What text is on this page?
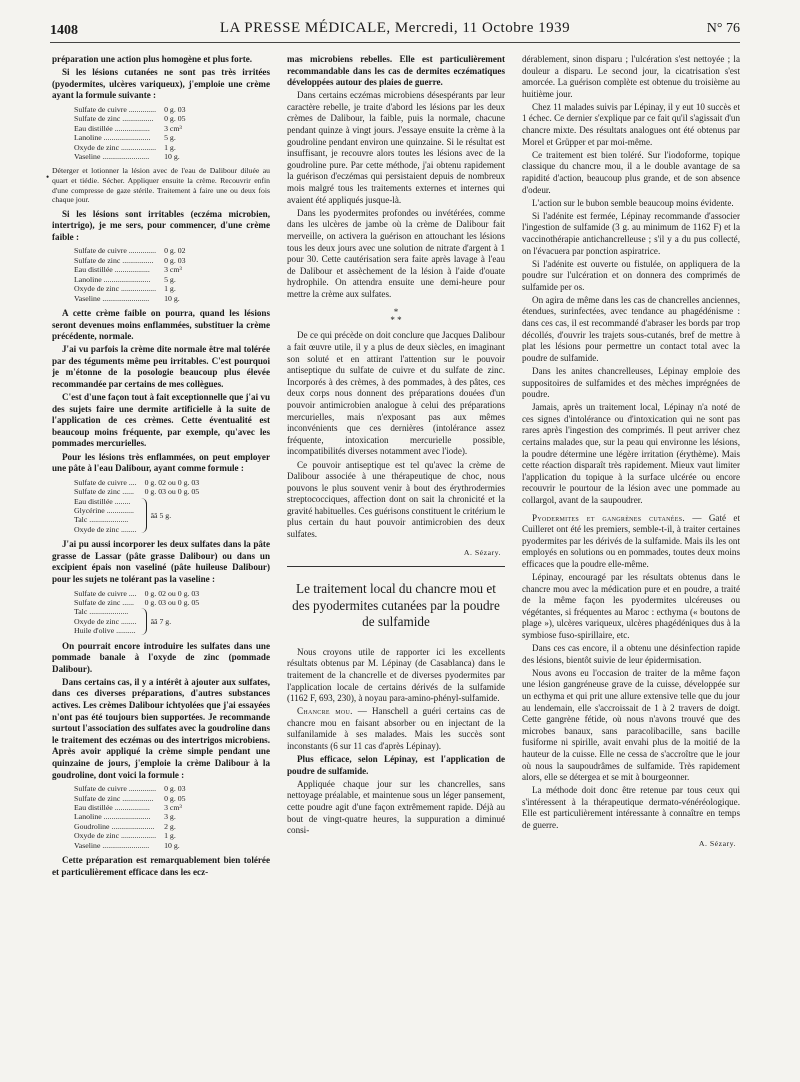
1408	LA PRESSE MÉDICALE, Mercredi, 11 Octobre 1939	N° 76
•

préparation une action plus homogène et plus forte.

Si les lésions cutanées ne sont pas très irritées (pyodermites, ulcères variqueux), j'emploie une crème ayant la formule suivante :

Sulfate de cuivre ..............	0 g. 03
Sulfate de zinc ................	0 g. 05
Eau distillée ..................	3 cm³
Lanoline ........................	5 g.
Oxyde de zinc ..................	1 g.
Vaseline ........................	10 g.

Déterger et lotionner la lésion avec de l'eau de Dalibour diluée au quart et tiédie. Sécher. Appliquer ensuite la crème. Recouvrir enfin d'une compresse de gaze stérile. Traitement à faire une ou deux fois chaque jour.

Si les lésions sont irritables (eczéma microbien, intertrigo), je me sers, pour commencer, d'une crème faible :

Sulfate de cuivre ..............	0 g. 02
Sulfate de zinc ................	0 g. 03
Eau distillée ..................	3 cm³
Lanoline ........................	5 g.
Oxyde de zinc ..................	1 g.
Vaseline ........................	10 g.

A cette crème faible on pourra, quand les lésions seront devenues moins enflammées, substituer la crème précédente, normale.

J'ai vu parfois la crème dite normale être mal tolérée par des téguments même peu irritables. C'est pourquoi je m'étonne de la posologie beaucoup plus élevée recommandée par certains de mes collègues.

C'est d'une façon tout à fait exceptionnelle que j'ai vu des sujets faire une dermite artificielle à la suite de l'application de ces crèmes. Cette éventualité est beaucoup moins fréquente, par exemple, qu'avec les pommades mercurielles.

Pour les lésions très enflammées, on peut employer une pâte à l'eau Dalibour, ayant comme formule :

Sulfate de cuivre ....	0 g. 02 ou 0 g. 03
Sulfate de zinc ......	0 g. 03 ou 0 g. 05
Eau distillée ........
Glycérine ..............
Talc ....................
Oxyde de zinc ........
ââ 5 g.

J'ai pu aussi incorporer les deux sulfates dans la pâte grasse de Lassar (pâte grasse Dalibour) ou dans un excipient épais non vaseliné (pâte huileuse Dalibour) pour les sujets ne tolérant pas la vaseline :

Sulfate de cuivre ....	0 g. 02 ou 0 g. 03
Sulfate de zinc ......	0 g. 03 ou 0 g. 05
Talc ....................
Oxyde de zinc ........
Huile d'olive ..........
ââ 7 g.

On pourrait encore introduire les sulfates dans une pommade banale à l'oxyde de zinc (pommade Dalibour).

Dans certains cas, il y a intérêt à ajouter aux sulfates, dans ces diverses préparations, d'autres substances actives. Les crèmes Dalibour ichtyolées que j'ai essayées n'ont pas été toujours bien supportées. Je recommande surtout l'association des sulfates avec la goudroline dans le traitement des eczémas ou des intertrigos microbiens. Après avoir appliqué la crème simple pendant une quinzaine de jours, j'emploie la crème Dalibour à la goudroline, dont voici la formule :

Sulfate de cuivre ..............	0 g. 03
Sulfate de zinc ................	0 g. 05
Eau distillée ..................	3 cm³
Lanoline ........................	3 g.
Goudroline ......................	2 g.
Oxyde de zinc ..................	1 g.
Vaseline ........................	10 g.

Cette préparation est remarquablement bien tolérée et particulièrement efficace dans les ecz-

mas microbiens rebelles. Elle est particulièrement recommandable dans les cas de dermites eczématiques développées autour des plaies de guerre.

Dans certains eczémas microbiens désespérants par leur caractère rebelle, je traite d'abord les lésions par les deux crèmes de Dalibour, la faible, puis la normale, chacune pendant quinze à vingt jours. J'essaye ensuite la crème à la goudroline pendant environ une quinzaine. Si le résultat est insuffisant, je recouvre alors toutes les lésions avec de la goudroline pure. Par cette méthode, j'ai obtenu rapidement la guérison d'eczémas qui persistaient depuis de nombreux mois malgré tous les traitements externes et internes qui avaient été appliqués jusque-là.

Dans les pyodermites profondes ou invétérées, comme dans les ulcères de jambe où la crème de Dalibour fait merveille, on activera la guérison en attouchant les lésions tous les deux jours avec une solution de nitrate d'argent à 1 pour 30. Cette cautérisation sera faite après lavage à l'eau de Dalibour et assèchement de la lésion à l'aide d'ouate hydrophile. On attendra ensuite une demi-heure pour mettre la crème aux sulfates.

*
* *

De ce qui précède on doit conclure que Jacques Dalibour a fait œuvre utile, il y a plus de deux siècles, en imaginant son soluté et en attirant l'attention sur le pouvoir antiseptique du sulfate de cuivre et du sulfate de zinc. Incorporés à des crèmes, à des pommades, à des pâtes, ces deux corps nous donnent des préparations douées d'un pouvoir antimicrobien analogue à celui des préparations mercurielles, mais n'exposant pas aux mêmes inconvénients que ces dernières (intolérance assez fréquente, intoxication mercurielle possible, incompatibilités diverses notamment avec l'iode).

Ce pouvoir antiseptique est tel qu'avec la crème de Dalibour associée à une thérapeutique de choc, nous pouvons le plus souvent venir à bout des érythrodermies streptococciques, affection dont on sait la chronicité et la gravité habituelles. Ces guérisons constituent le critérium le plus certain du haut pouvoir antimicrobien des deux sulfates.

A. Sézary.
Le traitement local du chancre mou et des pyodermites cutanées par la poudre de sulfamide

Nous croyons utile de rapporter ici les excellents résultats obtenus par M. Lépinay (de Casablanca) dans le traitement de la chancrelle et de diverses pyodermites par l'application locale de certains dérivés de la sulfamide (1162 F, 693, 230), à noyau para-amino-phényl-sulfamide.

Chancre mou. — Hanschell a guéri certains cas de chancre mou en faisant absorber ou en injectant de la sulfanilamide à ses malades. Mais les succès sont inconstants (6 sur 11 cas d'après Lépinay).

Plus efficace, selon Lépinay, est l'application de poudre de sulfamide.

Appliquée chaque jour sur les chancrelles, sans nettoyage préalable, et maintenue sous un léger pansement, cette poudre agit d'une façon extrêmement rapide. Déjà au bout de vingt-quatre heures, la suppuration a diminué consi-

dérablement, sinon disparu ; l'ulcération s'est nettoyée ; la douleur a disparu. Le second jour, la cicatrisation s'est amorcée. La guérison complète est obtenue du troisième au huitième jour.

Chez 11 malades suivis par Lépinay, il y eut 10 succès et 1 échec. Ce dernier s'explique par ce fait qu'il s'agissait d'un chancre mixte. Des résultats analogues ont été obtenus par Morel et Grüpper et par moi-même.

Ce traitement est bien toléré. Sur l'iodoforme, topique classique du chancre mou, il a le double avantage de sa rapidité d'action, beaucoup plus grande, et de son absence d'odeur.

L'action sur le bubon semble beaucoup moins évidente.

Si l'adénite est fermée, Lépinay recommande d'associer l'ingestion de sulfamide (3 g. au minimum de 1162 F) et la vaccinothérapie antichancrelleuse ; s'il y a du pus collecté, on l'évacuera par ponction aspiratrice.

Si l'adénite est ouverte ou fistulée, on appliquera de la poudre sur l'ulcération et on donnera des comprimés de sulfamide per os.

On agira de même dans les cas de chancrelles anciennes, étendues, surinfectées, avec tendance au phagédénisme : dans ces cas, il est recommandé d'abraser les bords par trop décollés, d'ouvrir les trajets sous-cutanés, bref de mettre à plat les lésions pour permettre un contact total avec la poudre de sulfamide.

Dans les anites chancrelleuses, Lépinay emploie des suppositoires de sulfamides et des mèches imprégnées de poudre.

Jamais, après un traitement local, Lépinay n'a noté de ces signes d'intolérance ou d'intoxication qui ne sont pas rares après l'ingestion des comprimés. Il peut arriver chez certains malades que, sur la peau qui environne les lésions, la poudre détermine une légère irritation (érythème). Mais cette réaction disparaît très rapidement. Mieux vaut limiter l'application du topique à la surface ulcérée ou encore recouvrir le pourtour de la lésion avec une pommade au collargol, avant de la saupoudrer.

Pyodermites et gangrènes cutanées. — Gaté et Cuilleret ont été les premiers, semble-t-il, à traiter certaines pyodermites par les dérivés de la sulfamide. Mais ils les ont employés en solutions ou en pommades, toutes deux moins efficaces que la poudre elle-même.

Lépinay, encouragé par les résultats obtenus dans le chancre mou avec la médication pure et en poudre, a traité de la même façon les pyodermites ulcéreuses ou végétantes, si fréquentes au Maroc : ecthyma (« boutons de plage »), ulcères variqueux, ulcères phagédéniques dus à la symbiose fuso-spirillaire, etc.

Dans ces cas encore, il a obtenu une désinfection rapide des lésions, bientôt suivie de leur épidermisation.

Nous avons eu l'occasion de traiter de la même façon une lésion gangréneuse grave de la cuisse, développée sur un ecthyma et qui prit une allure extensive telle que du jour au lendemain, elle s'accroissait de 1 à 2 travers de doigt. Cette gangrène fétide, où nous n'avons trouvé que des microbes banaux, sans paracolibacille, sans bacille fusiforme ni spirille, avait envahi plus de la moitié de la hauteur de la cuisse. Elle ne cessa de s'accroître que le jour où nous la saupoudrâmes de sulfamide. Très rapidement alors, elle se détergea et se mit à bourgeonner.

La méthode doit donc être retenue par tous ceux qui s'intéressent à la thérapeutique dermato-vénéréologique. Elle est particulièrement intéressante à connaître en temps de guerre.

A. Sézary.
